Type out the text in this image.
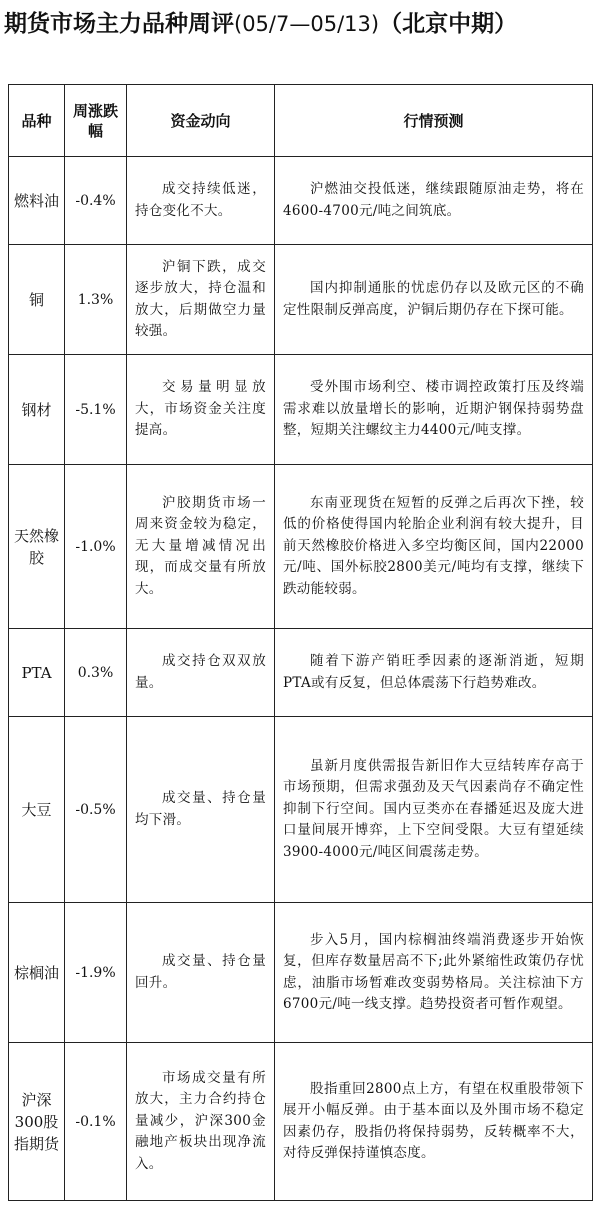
期货市场主力品种周评(05/7—05/13)（北京中期）
品种	周涨跌幅	资金动向	行情预测
燃料油	-0.4%	成交持续低迷，持仓变化不大。	沪燃油交投低迷，继续跟随原油走势，将在4600-4700元/吨之间筑底。

铜	1.3%	沪铜下跌，成交逐步放大，持仓温和放大，后期做空力量较强。	国内抑制通胀的忧虑仍存以及欧元区的不确定性限制反弹高度，沪铜后期仍存在下探可能。

钢材	-5.1%	交易量明显放大，市场资金关注度提高。	受外围市场利空、楼市调控政策打压及终端需求难以放量增长的影响，近期沪钢保持弱势盘整，短期关注螺纹主力4400元/吨支撑。

天然橡胶	-1.0%	沪胶期货市场一周来资金较为稳定，无大量增减情况出现，而成交量有所放大。	东南亚现货在短暂的反弹之后再次下挫，较低的价格使得国内轮胎企业利润有较大提升，目前天然橡胶价格进入多空均衡区间，国内22000元/吨、国外标胶2800美元/吨均有支撑，继续下跌动能较弱。

PTA	0.3%	成交持仓双双放量。	随着下游产销旺季因素的逐渐消逝，短期PTA或有反复，但总体震荡下行趋势难改。

大豆	-0.5%	成交量、持仓量均下滑。	虽新月度供需报告新旧作大豆结转库存高于市场预期，但需求强劲及天气因素尚存不确定性抑制下行空间。国内豆类亦在春播延迟及庞大进口量间展开博弈，上下空间受限。大豆有望延续3900-4000元/吨区间震荡走势。

棕榈油	-1.9%	成交量、持仓量回升。	步入5月，国内棕榈油终端消费逐步开始恢复，但库存数量居高不下;此外紧缩性政策仍存忧虑，油脂市场暂难改变弱势格局。关注棕油下方6700元/吨一线支撑。趋势投资者可暂作观望。

沪深300股指期货	-0.1%	市场成交量有所放大，主力合约持仓量减少，沪深300金融地产板块出现净流入。	股指重回2800点上方，有望在权重股带领下展开小幅反弹。由于基本面以及外围市场不稳定因素仍存，股指仍将保持弱势，反转概率不大，对待反弹保持谨慎态度。
